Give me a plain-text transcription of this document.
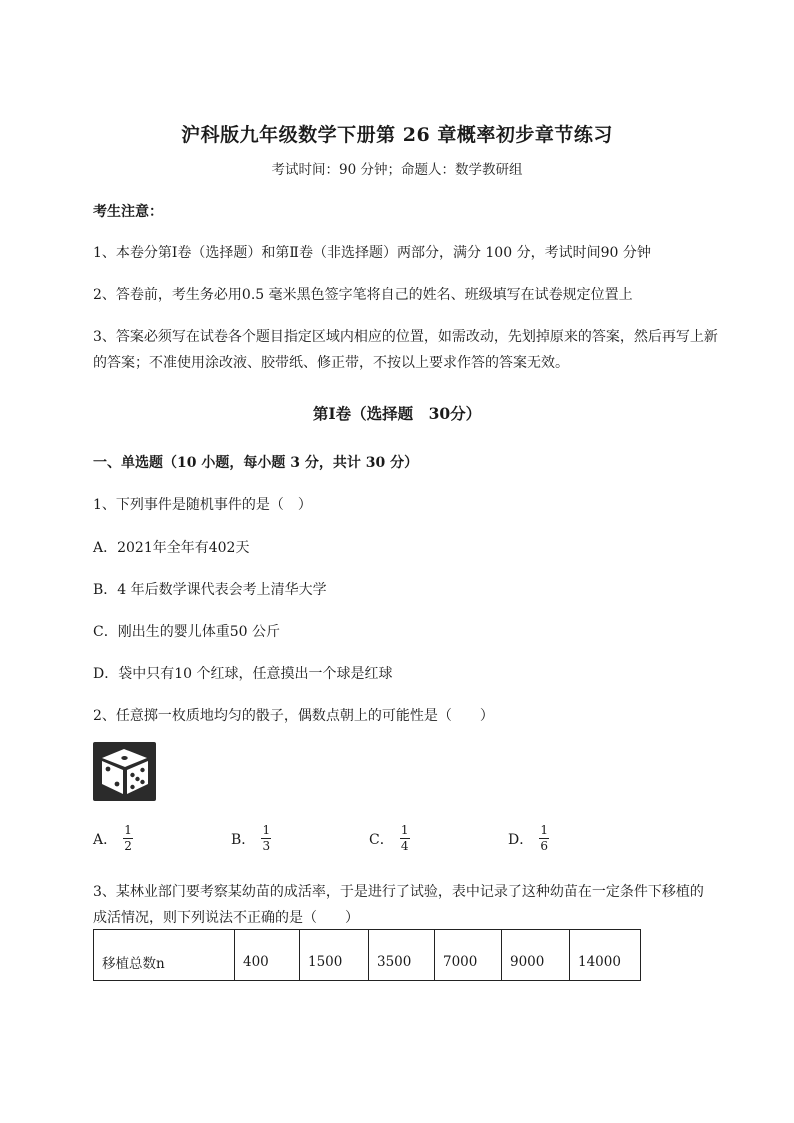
沪科版九年级数学下册第 26 章概率初步章节练习
考试时间：90 分钟；命题人：数学教研组
考生注意：
1、本卷分第Ⅰ卷（选择题）和第Ⅱ卷（非选择题）两部分，满分 100 分，考试时间90 分钟
2、答卷前，考生务必用0.5 毫米黑色签字笔将自己的姓名、班级填写在试卷规定位置上
3、答案必须写在试卷各个题目指定区域内相应的位置，如需改动，先划掉原来的答案，然后再写上新
的答案；不准使用涂改液、胶带纸、修正带，不按以上要求作答的答案无效。
第Ⅰ卷（选择题　30分）
一、单选题（10 小题，每小题 3 分，共计 30 分）
1、下列事件是随机事件的是（　）
A．2021年全年有402天
B．4 年后数学课代表会考上清华大学
C．刚出生的婴儿体重50 公斤
D．袋中只有10 个红球，任意摸出一个球是红球
2、任意掷一枚质地均匀的骰子，偶数点朝上的可能性是（　　）
A． $\frac{1}{2}$	B． $\frac{1}{3}$	C． $\frac{1}{4}$	D． $\frac{1}{6}$
3、某林业部门要考察某幼苗的成活率，于是进行了试验，表中记录了这种幼苗在一定条件下移植的
成活情况，则下列说法不正确的是（　　）
移植总数n	400	1500	3500	7000	9000	14000
